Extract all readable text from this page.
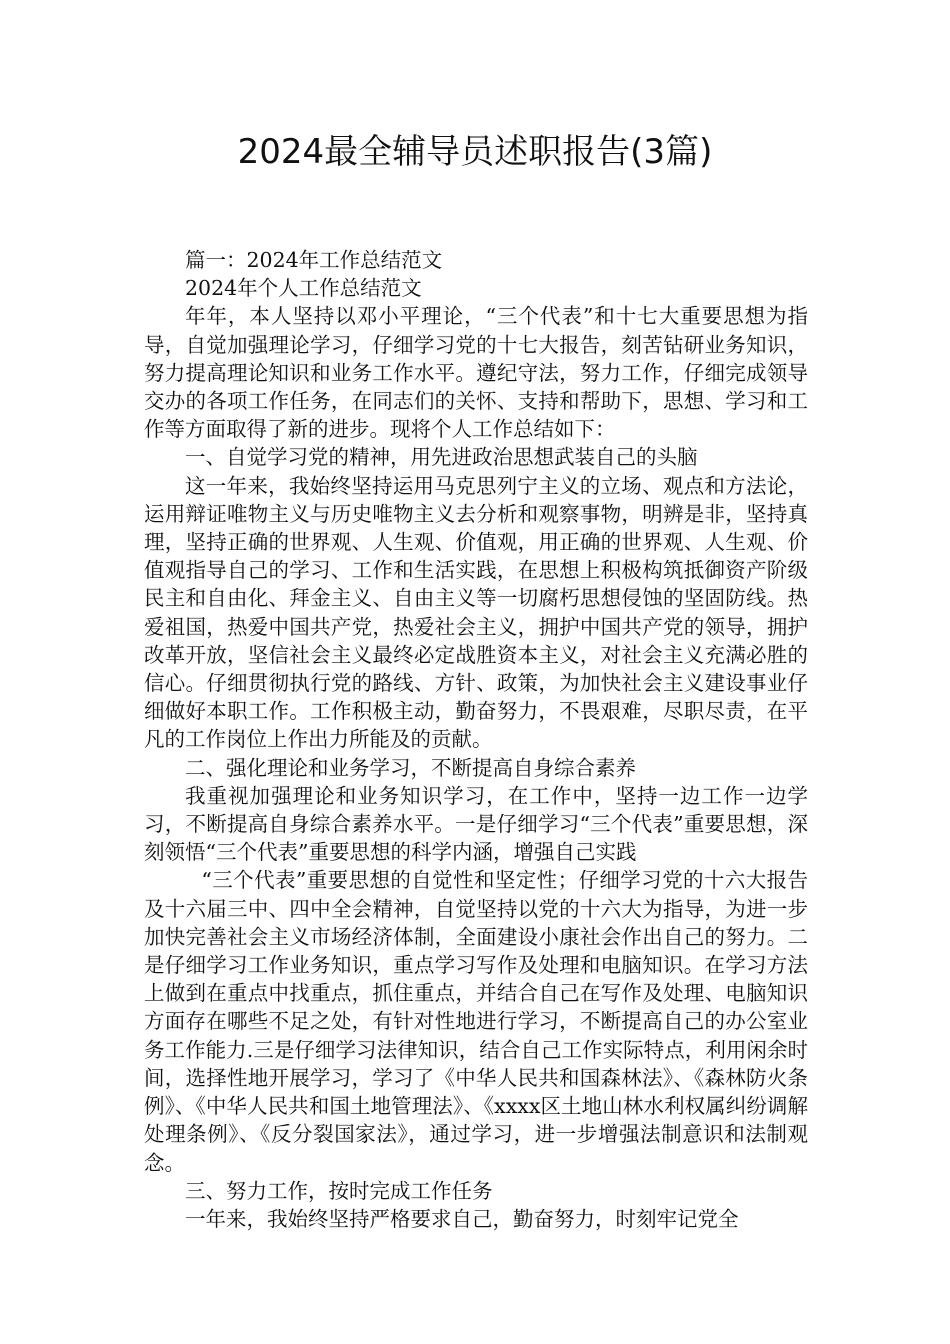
2024最全辅导员述职报告(3篇)

篇一：2024年工作总结范文

2024年个人工作总结范文

年年，本人坚持以邓小平理论，“三个代表”和十七大重要思想为指导，自觉加强理论学习，仔细学习党的十七大报告，刻苦钻研业务知识，努力提高理论知识和业务工作水平。遵纪守法，努力工作，仔细完成领导交办的各项工作任务，在同志们的关怀、支持和帮助下，思想、学习和工作等方面取得了新的进步。现将个人工作总结如下：

一、自觉学习党的精神，用先进政治思想武装自己的头脑

这一年来，我始终坚持运用马克思列宁主义的立场、观点和方法论，运用辩证唯物主义与历史唯物主义去分析和观察事物，明辨是非，坚持真理，坚持正确的世界观、人生观、价值观，用正确的世界观、人生观、价值观指导自己的学习、工作和生活实践，在思想上积极构筑抵御资产阶级民主和自由化、拜金主义、自由主义等一切腐朽思想侵蚀的坚固防线。热爱祖国，热爱中国共产党，热爱社会主义，拥护中国共产党的领导，拥护改革开放，坚信社会主义最终必定战胜资本主义，对社会主义充满必胜的信心。仔细贯彻执行党的路线、方针、政策，为加快社会主义建设事业仔细做好本职工作。工作积极主动，勤奋努力，不畏艰难，尽职尽责，在平凡的工作岗位上作出力所能及的贡献。

二、强化理论和业务学习，不断提高自身综合素养

我重视加强理论和业务知识学习，在工作中，坚持一边工作一边学习，不断提高自身综合素养水平。一是仔细学习“三个代表”重要思想，深刻领悟“三个代表”重要思想的科学内涵，增强自己实践

“三个代表”重要思想的自觉性和坚定性；仔细学习党的十六大报告及十六届三中、四中全会精神，自觉坚持以党的十六大为指导，为进一步加快完善社会主义市场经济体制，全面建设小康社会作出自己的努力。二是仔细学习工作业务知识，重点学习写作及处理和电脑知识。在学习方法上做到在重点中找重点，抓住重点，并结合自己在写作及处理、电脑知识方面存在哪些不足之处，有针对性地进行学习，不断提高自己的办公室业务工作能力.三是仔细学习法律知识，结合自己工作实际特点，利用闲余时间，选择性地开展学习，学习了《中华人民共和国森林法》、《森林防火条例》、《中华人民共和国土地管理法》、《xxxx区土地山林水利权属纠纷调解处理条例》、《反分裂国家法》，通过学习，进一步增强法制意识和法制观念。

三、努力工作，按时完成工作任务

一年来，我始终坚持严格要求自己，勤奋努力，时刻牢记党全
